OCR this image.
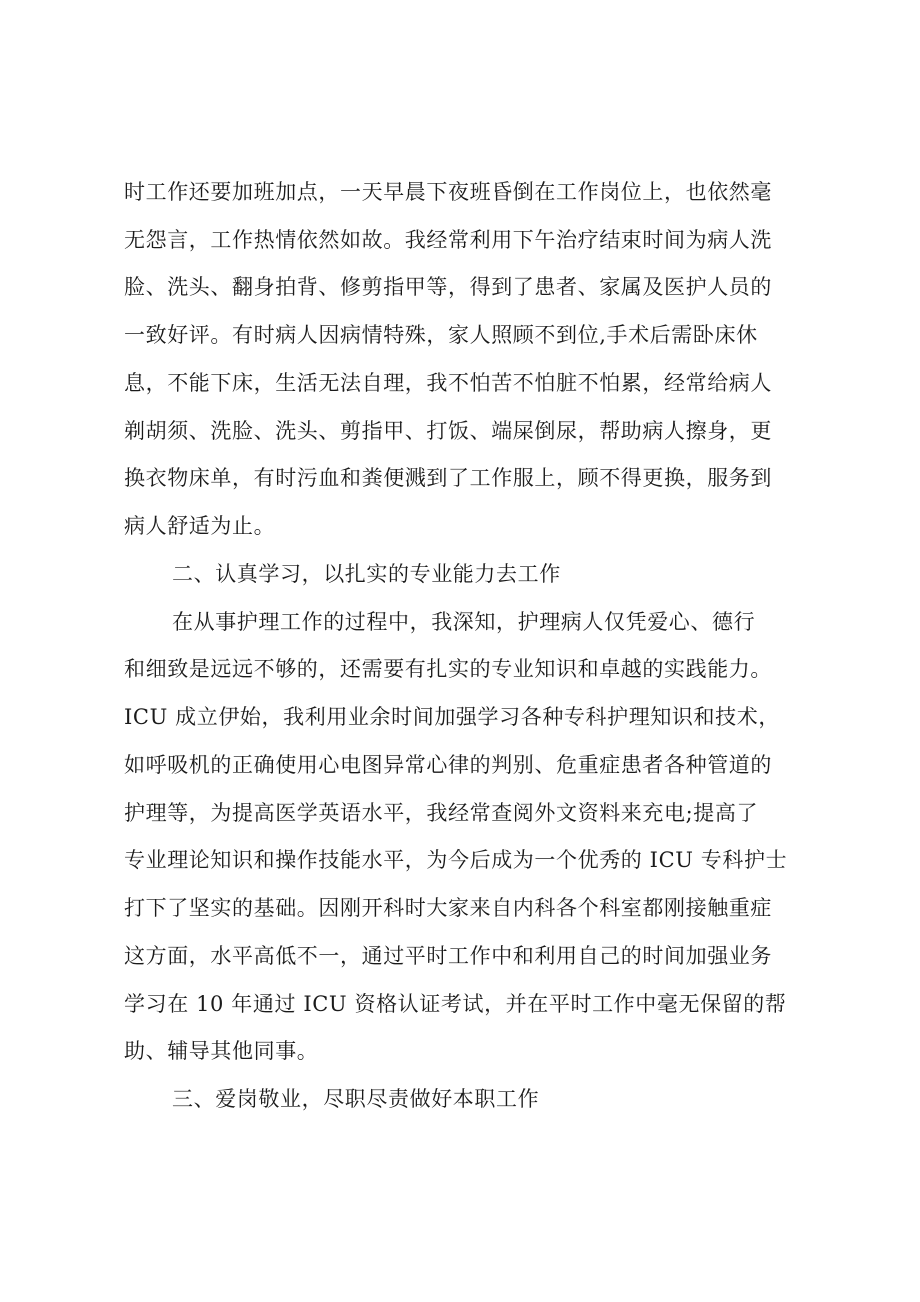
时工作还要加班加点，一天早晨下夜班昏倒在工作岗位上，也依然毫
无怨言，工作热情依然如故。我经常利用下午治疗结束时间为病人洗
脸、洗头、翻身拍背、修剪指甲等，得到了患者、家属及医护人员的
一致好评。有时病人因病情特殊，家人照顾不到位,手术后需卧床休
息，不能下床，生活无法自理，我不怕苦不怕脏不怕累，经常给病人
剃胡须、洗脸、洗头、剪指甲、打饭、端屎倒尿，帮助病人擦身，更
换衣物床单，有时污血和粪便溅到了工作服上，顾不得更换，服务到
病人舒适为止。
二、认真学习，以扎实的专业能力去工作
在从事护理工作的过程中，我深知，护理病人仅凭爱心、德行
和细致是远远不够的，还需要有扎实的专业知识和卓越的实践能力。
ICU 成立伊始，我利用业余时间加强学习各种专科护理知识和技术，
如呼吸机的正确使用心电图异常心律的判别、危重症患者各种管道的
护理等，为提高医学英语水平，我经常查阅外文资料来充电;提高了
专业理论知识和操作技能水平，为今后成为一个优秀的 ICU 专科护士
打下了坚实的基础。因刚开科时大家来自内科各个科室都刚接触重症
这方面，水平高低不一，通过平时工作中和利用自己的时间加强业务
学习在 10 年通过 ICU 资格认证考试，并在平时工作中毫无保留的帮
助、辅导其他同事。
三、爱岗敬业，尽职尽责做好本职工作
